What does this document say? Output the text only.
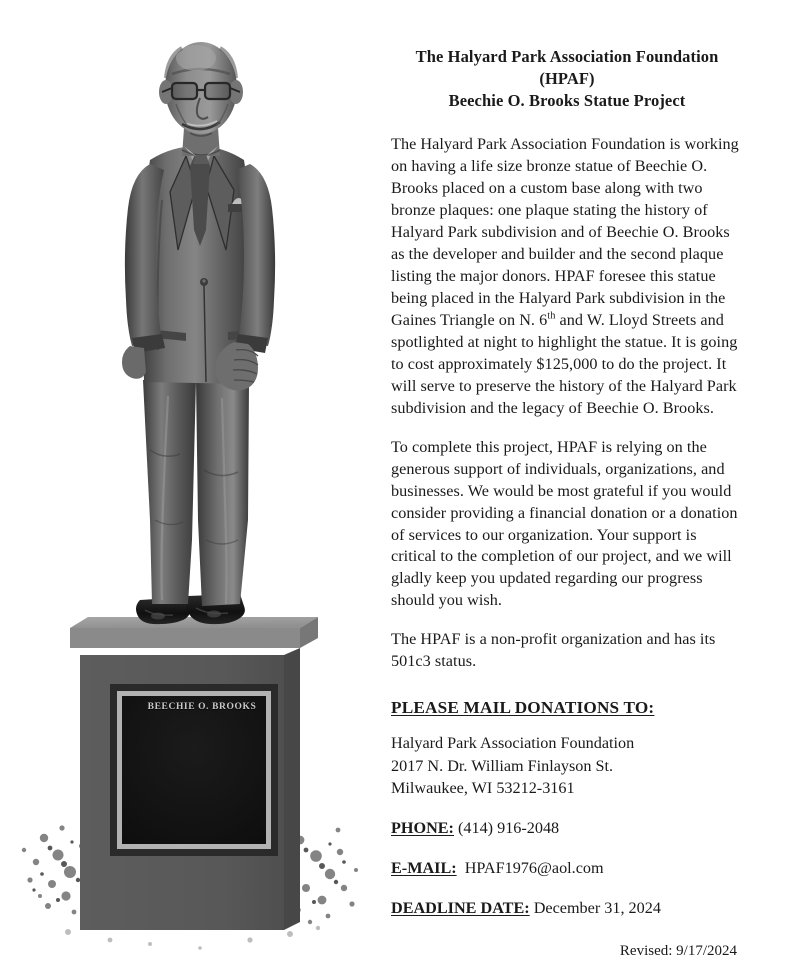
BEECHIE O. BROOKS
The Halyard Park Association Foundation
(HPAF)
Beechie O. Brooks Statue Project

The Halyard Park Association Foundation is working on having a life size bronze statue of Beechie O. Brooks placed on a custom base along with two bronze plaques: one plaque stating the history of Halyard Park subdivision and of Beechie O. Brooks as the developer and builder and the second plaque listing the major donors. HPAF foresee this statue being placed in the Halyard Park subdivision in the Gaines Triangle on N. 6th and W. Lloyd Streets and spotlighted at night to highlight the statue. It is going to cost approximately $125,000 to do the project. It will serve to preserve the history of the Halyard Park subdivision and the legacy of Beechie O. Brooks.

To complete this project, HPAF is relying on the generous support of individuals, organizations, and businesses. We would be most grateful if you would consider providing a financial donation or a donation of services to our organization. Your support is critical to the completion of our project, and we will gladly keep you updated regarding our progress should you wish.

The HPAF is a non-profit organization and has its 501c3 status.

PLEASE MAIL DONATIONS TO:
Halyard Park Association Foundation
2017 N. Dr. William Finlayson St.
Milwaukee, WI 53212-3161
PHONE: (414) 916-2048
E-MAIL: HPAF1976@aol.com
DEADLINE DATE: December 31, 2024
Revised: 9/17/2024
